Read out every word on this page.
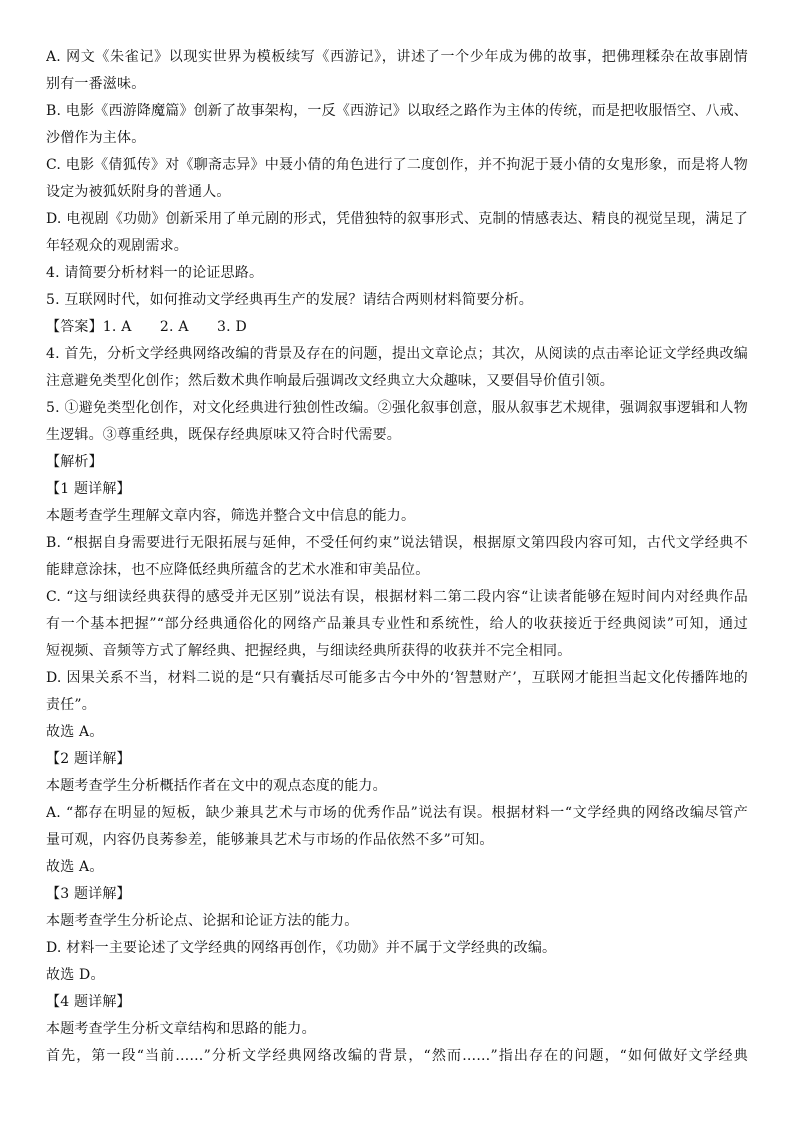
A. 网文《朱雀记》以现实世界为模板续写《西游记》，讲述了一个少年成为佛的故事，把佛理糅杂在故事剧情
别有一番滋味。
B. 电影《西游降魔篇》创新了故事架构，一反《西游记》以取经之路作为主体的传统，而是把收服悟空、八戒、
沙僧作为主体。
C. 电影《倩狐传》对《聊斋志异》中聂小倩的角色进行了二度创作，并不拘泥于聂小倩的女鬼形象，而是将人物
设定为被狐妖附身的普通人。
D. 电视剧《功勋》创新采用了单元剧的形式，凭借独特的叙事形式、克制的情感表达、精良的视觉呈现，满足了
年轻观众的观剧需求。
4. 请简要分析材料一的论证思路。
5. 互联网时代，如何推动文学经典再生产的发展？请结合两则材料简要分析。
【答案】1. A　　2. A　　3. D
4. 首先，分析文学经典网络改编的背景及存在的问题，提出文章论点；其次，从阅读的点击率论证文学经典改编
注意避免类型化创作；然后数术典作响最后强调改文经典立大众趣味，又要倡导价值引领。
5. ①避免类型化创作，对文化经典进行独创性改编。②强化叙事创意，服从叙事艺术规律，强调叙事逻辑和人物
生逻辑。③尊重经典，既保存经典原味又符合时代需要。
【解析】
【1 题详解】
本题考查学生理解文章内容，筛选并整合文中信息的能力。
B. “根据自身需要进行无限拓展与延伸，不受任何约束”说法错误，根据原文第四段内容可知，古代文学经典不
能肆意涂抹，也不应降低经典所蕴含的艺术水准和审美品位。
C. “这与细读经典获得的感受并无区别”说法有误，根据材料二第二段内容“让读者能够在短时间内对经典作品
有一个基本把握”“部分经典通俗化的网络产品兼具专业性和系统性，给人的收获接近于经典阅读”可知，通过
短视频、音频等方式了解经典、把握经典，与细读经典所获得的收获并不完全相同。
D. 因果关系不当，材料二说的是“只有囊括尽可能多古今中外的‘智慧财产’，互联网才能担当起文化传播阵地的
责任”。
故选 A。
【2 题详解】
本题考查学生分析概括作者在文中的观点态度的能力。
A. “都存在明显的短板，缺少兼具艺术与市场的优秀作品”说法有误。根据材料一“文学经典的网络改编尽管产
量可观，内容仍良莠参差，能够兼具艺术与市场的作品依然不多”可知。
故选 A。
【3 题详解】
本题考查学生分析论点、论据和论证方法的能力。
D. 材料一主要论述了文学经典的网络再创作，《功勋》并不属于文学经典的改编。
故选 D。
【4 题详解】
本题考查学生分析文章结构和思路的能力。
首先，第一段“当前……”分析文学经典网络改编的背景，“然而……”指出存在的问题，“如何做好文学经典
